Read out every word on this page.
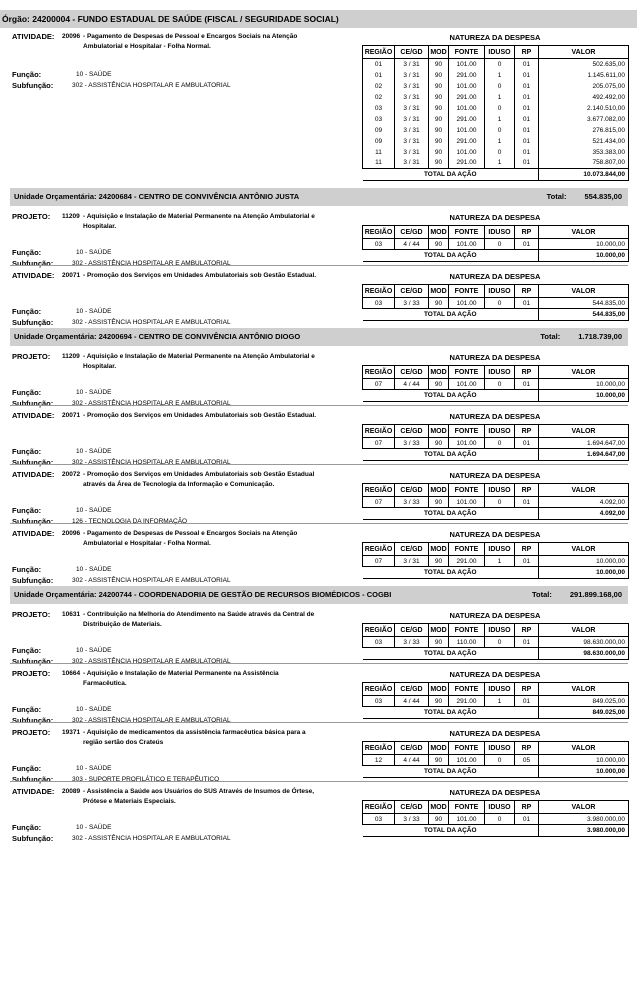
Órgão: 24200004 - FUNDO ESTADUAL DE SAÚDE (FISCAL / SEGURIDADE SOCIAL)
ATIVIDADE: 20096 - Pagamento de Despesas de Pessoal e Encargos Sociais na Atenção
Ambulatorial e Hospitalar - Folha Normal.
NATUREZA DA DESPESA
Função:	10 - SAÚDE
Subfunção:	302 - ASSISTÊNCIA HOSPITALAR E AMBULATORIAL
REGIÃO	CE/GD	MOD	FONTE	IDUSO	RP	VALOR
01	3 / 31	90	101.00	0	01	502.635,00
01	3 / 31	90	291.00	1	01	1.145.611,00
02	3 / 31	90	101.00	0	01	205.075,00
02	3 / 31	90	291.00	1	01	492.492,00
03	3 / 31	90	101.00	0	01	2.140.510,00
03	3 / 31	90	291.00	1	01	3.677.082,00
09	3 / 31	90	101.00	0	01	276.815,00
09	3 / 31	90	291.00	1	01	521.434,00
11	3 / 31	90	101.00	0	01	353.383,00
11	3 / 31	90	291.00	1	01	758.807,00
TOTAL DA AÇÃO						10.073.844,00
Unidade Orçamentária: 24200684 - CENTRO DE CONVIVÊNCIA ANTÔNIO JUSTA	Total: 554.835,00
PROJETO: 11209 - Aquisição e Instalação de Material Permanente na Atenção Ambulatorial e
Hospitalar.
NATUREZA DA DESPESA
Função:	10 - SAÚDE
Subfunção:	302 - ASSISTÊNCIA HOSPITALAR E AMBULATORIAL
REGIÃO	CE/GD	MOD	FONTE	IDUSO	RP	VALOR
03	4 / 44	90	101.00	0	01	10.000,00
TOTAL DA AÇÃO						10.000,00
ATIVIDADE: 20071 - Promoção dos Serviços em Unidades Ambulatoriais sob Gestão Estadual.	NATUREZA DA DESPESA
Função:	10 - SAÚDE
Subfunção:	302 - ASSISTÊNCIA HOSPITALAR E AMBULATORIAL
REGIÃO	CE/GD	MOD	FONTE	IDUSO	RP	VALOR
03	3 / 33	90	101.00	0	01	544.835,00
TOTAL DA AÇÃO						544.835,00
Unidade Orçamentária: 24200694 - CENTRO DE CONVIVÊNCIA ANTÔNIO DIOGO	Total: 1.718.739,00
PROJETO: 11209 - Aquisição e Instalação de Material Permanente na Atenção Ambulatorial e
Hospitalar.
NATUREZA DA DESPESA
Função:	10 - SAÚDE
Subfunção:	302 - ASSISTÊNCIA HOSPITALAR E AMBULATORIAL
REGIÃO	CE/GD	MOD	FONTE	IDUSO	RP	VALOR
07	4 / 44	90	101.00	0	01	10.000,00
TOTAL DA AÇÃO						10.000,00
ATIVIDADE: 20071 - Promoção dos Serviços em Unidades Ambulatoriais sob Gestão Estadual.	NATUREZA DA DESPESA
Função:	10 - SAÚDE
Subfunção:	302 - ASSISTÊNCIA HOSPITALAR E AMBULATORIAL
REGIÃO	CE/GD	MOD	FONTE	IDUSO	RP	VALOR
07	3 / 33	90	101.00	0	01	1.694.647,00
TOTAL DA AÇÃO						1.694.647,00
ATIVIDADE: 20072 - Promoção dos Serviços em Unidades Ambulatoriais sob Gestão Estadual
através da Área de Tecnologia da Informação e Comunicação.
NATUREZA DA DESPESA
Função:	10 - SAÚDE
Subfunção:	126 - TECNOLOGIA DA INFORMAÇÃO
REGIÃO	CE/GD	MOD	FONTE	IDUSO	RP	VALOR
07	3 / 33	90	101.00	0	01	4.092,00
TOTAL DA AÇÃO						4.092,00
ATIVIDADE: 20096 - Pagamento de Despesas de Pessoal e Encargos Sociais na Atenção
Ambulatorial e Hospitalar - Folha Normal.
NATUREZA DA DESPESA
Função:	10 - SAÚDE
Subfunção:	302 - ASSISTÊNCIA HOSPITALAR E AMBULATORIAL
REGIÃO	CE/GD	MOD	FONTE	IDUSO	RP	VALOR
07	3 / 31	90	291.00	1	01	10.000,00
TOTAL DA AÇÃO						10.000,00
Unidade Orçamentária: 24200744 - COORDENADORIA DE GESTÃO DE RECURSOS BIOMÉDICOS - COGBI	Total: 291.899.168,00
PROJETO: 10631 - Contribuição na Melhoria do Atendimento na Saúde através da Central de
Distribuição de Materiais.
NATUREZA DA DESPESA
Função:	10 - SAÚDE
Subfunção:	302 - ASSISTÊNCIA HOSPITALAR E AMBULATORIAL
REGIÃO	CE/GD	MOD	FONTE	IDUSO	RP	VALOR
03	3 / 33	90	110.00	0	01	98.630.000,00
TOTAL DA AÇÃO						98.630.000,00
PROJETO: 10664 - Aquisição e Instalação de Material Permanente na Assistência
Farmacêutica.
NATUREZA DA DESPESA
Função:	10 - SAÚDE
Subfunção:	302 - ASSISTÊNCIA HOSPITALAR E AMBULATORIAL
REGIÃO	CE/GD	MOD	FONTE	IDUSO	RP	VALOR
03	4 / 44	90	291.00	1	01	849.025,00
TOTAL DA AÇÃO						849.025,00
PROJETO: 19371 - Aquisição de medicamentos da assistência farmacêutica básica para a
região sertão dos Crateús
NATUREZA DA DESPESA
Função:	10 - SAÚDE
Subfunção:	303 - SUPORTE PROFILÁTICO E TERAPÊUTICO
REGIÃO	CE/GD	MOD	FONTE	IDUSO	RP	VALOR
12	4 / 44	90	101.00	0	05	10.000,00
TOTAL DA AÇÃO						10.000,00
ATIVIDADE: 20089 - Assistência a Saúde aos Usuários do SUS Através de Insumos de Órtese,
Prótese e Materiais Especiais.
NATUREZA DA DESPESA
Função:	10 - SAÚDE
Subfunção:	302 - ASSISTÊNCIA HOSPITALAR E AMBULATORIAL
REGIÃO	CE/GD	MOD	FONTE	IDUSO	RP	VALOR
03	3 / 33	90	101.00	0	01	3.980.000,00
TOTAL DA AÇÃO						3.980.000,00
